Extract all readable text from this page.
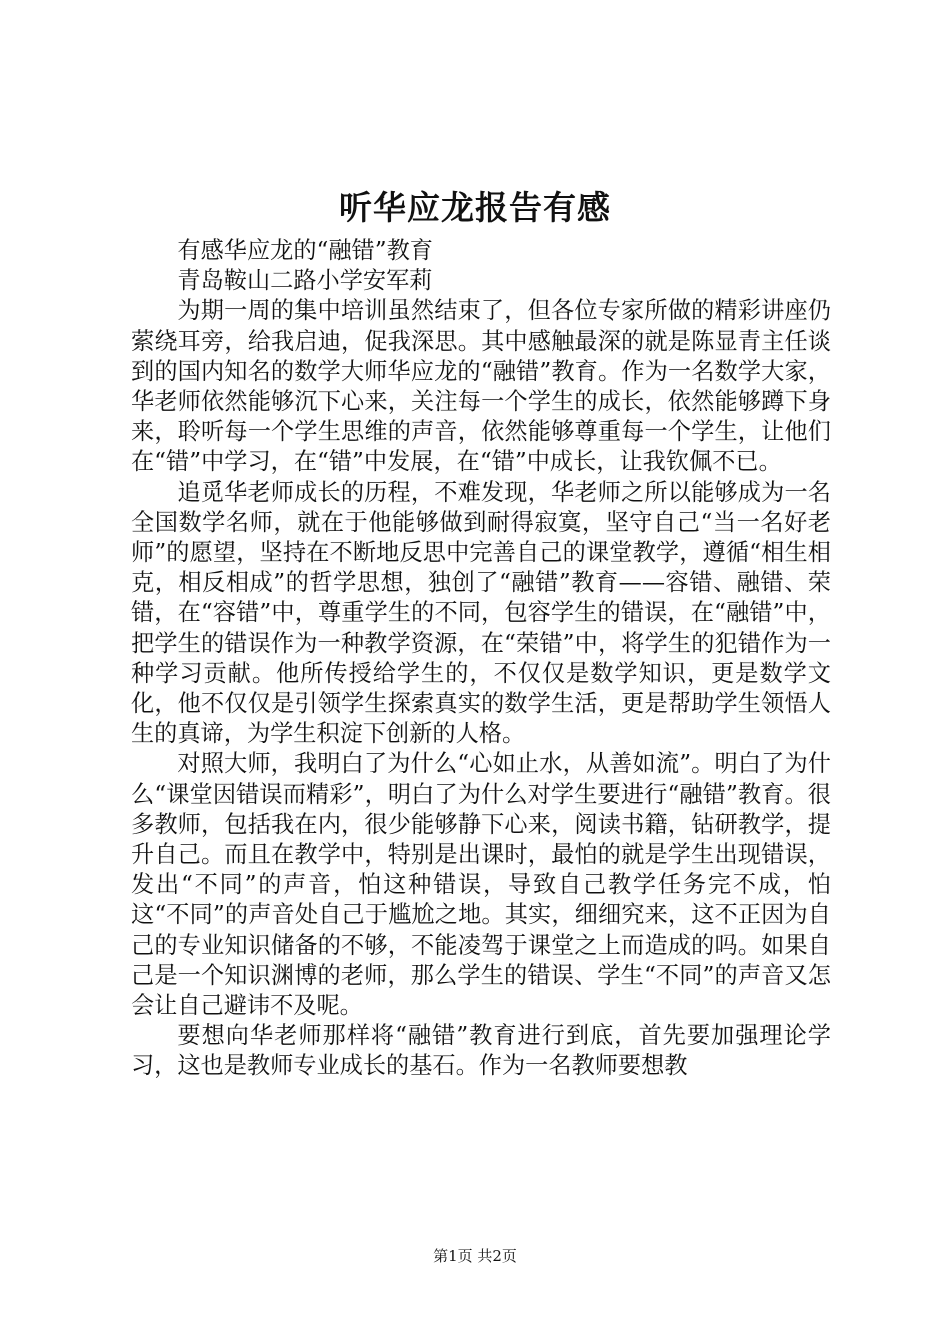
听华应龙报告有感

有感华应龙的“融错”教育

青岛鞍山二路小学安军莉

为期一周的集中培训虽然结束了，但各位专家所做的精彩讲座仍萦绕耳旁，给我启迪，促我深思。其中感触最深的就是陈显青主任谈到的国内知名的数学大师华应龙的“融错”教育。作为一名数学大家，华老师依然能够沉下心来，关注每一个学生的成长，依然能够蹲下身来，聆听每一个学生思维的声音，依然能够尊重每一个学生，让他们在“错”中学习，在“错”中发展，在“错”中成长，让我钦佩不已。

追觅华老师成长的历程，不难发现，华老师之所以能够成为一名全国数学名师，就在于他能够做到耐得寂寞，坚守自己“当一名好老师”的愿望，坚持在不断地反思中完善自己的课堂教学，遵循“相生相克，相反相成”的哲学思想，独创了“融错”教育——容错、融错、荣错，在“容错”中，尊重学生的不同，包容学生的错误，在“融错”中，把学生的错误作为一种教学资源，在“荣错”中，将学生的犯错作为一种学习贡献。他所传授给学生的，不仅仅是数学知识，更是数学文化，他不仅仅是引领学生探索真实的数学生活，更是帮助学生领悟人生的真谛，为学生积淀下创新的人格。

对照大师，我明白了为什么“心如止水，从善如流”。明白了为什么“课堂因错误而精彩”，明白了为什么对学生要进行“融错”教育。很多教师，包括我在内，很少能够静下心来，阅读书籍，钻研教学，提升自己。而且在教学中，特别是出课时，最怕的就是学生出现错误，发出“不同”的声音，怕这种错误，导致自己教学任务完不成，怕这“不同”的声音处自己于尴尬之地。其实，细细究来，这不正因为自己的专业知识储备的不够，不能凌驾于课堂之上而造成的吗。如果自己是一个知识渊博的老师，那么学生的错误、学生“不同”的声音又怎会让自己避讳不及呢。

要想向华老师那样将“融错”教育进行到底，首先要加强理论学习，这也是教师专业成长的基石。作为一名教师要想教

第1页 共2页
